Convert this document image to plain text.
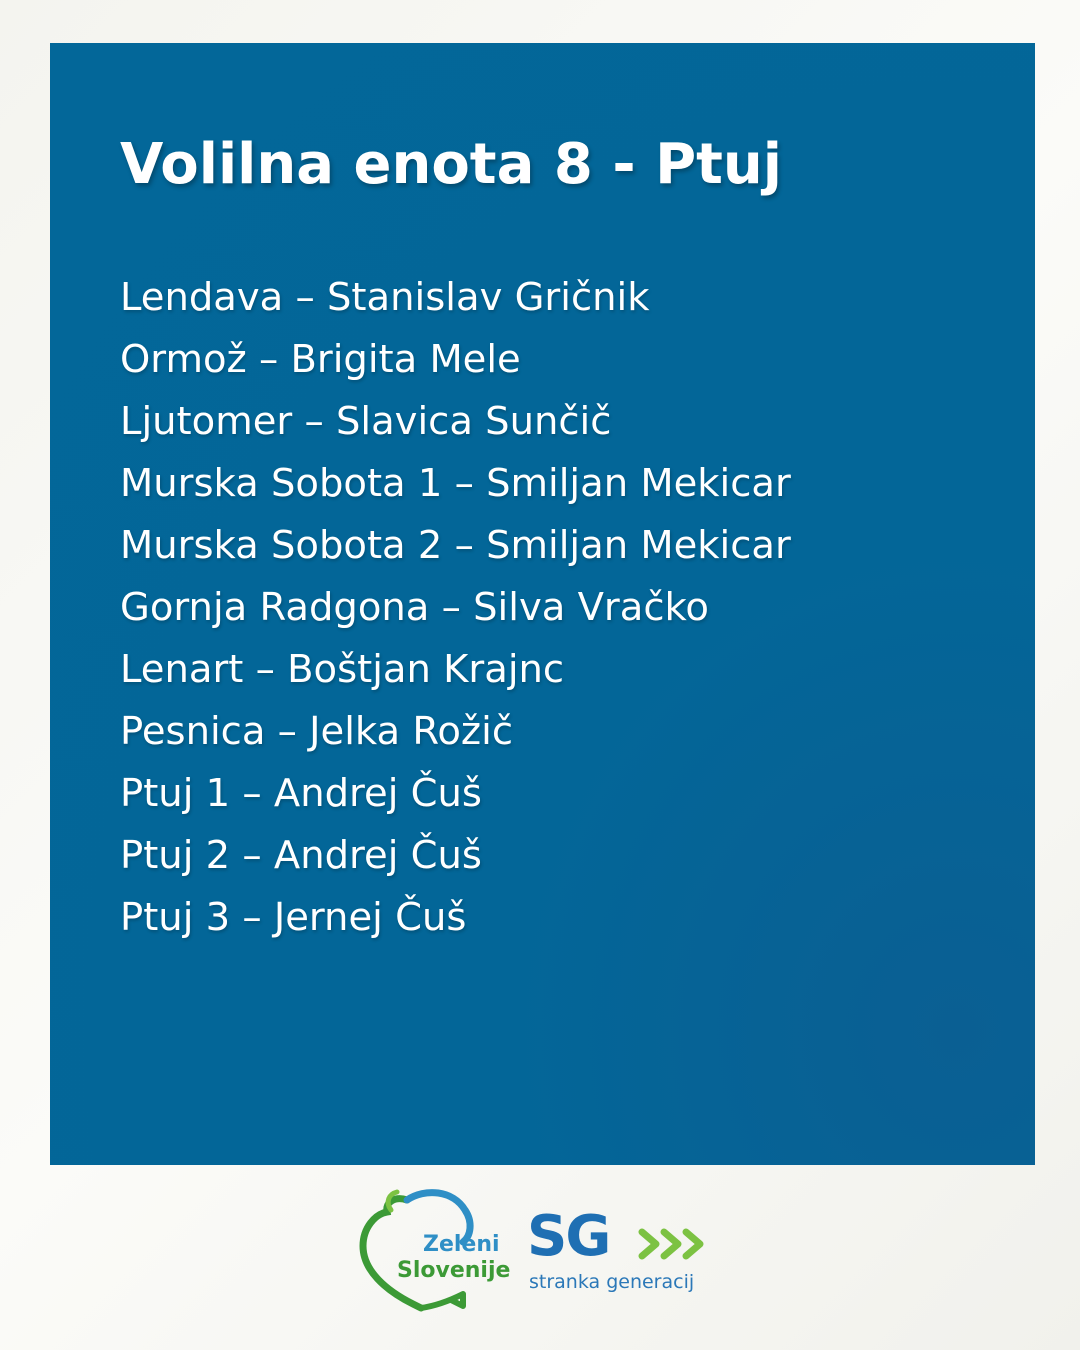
Volilna enota 8 - Ptuj
Lendava – Stanislav Gričnik
Ormož – Brigita Mele
Ljutomer – Slavica Sunčič
Murska Sobota 1 – Smiljan Mekicar
Murska Sobota 2 – Smiljan Mekicar
Gornja Radgona – Silva Vračko
Lenart – Boštjan Krajnc
Pesnica – Jelka Rožič
Ptuj 1 – Andrej Čuš
Ptuj 2 – Andrej Čuš
Ptuj 3 – Jernej Čuš
Zeleni
Slovenije
SG
stranka generacij
